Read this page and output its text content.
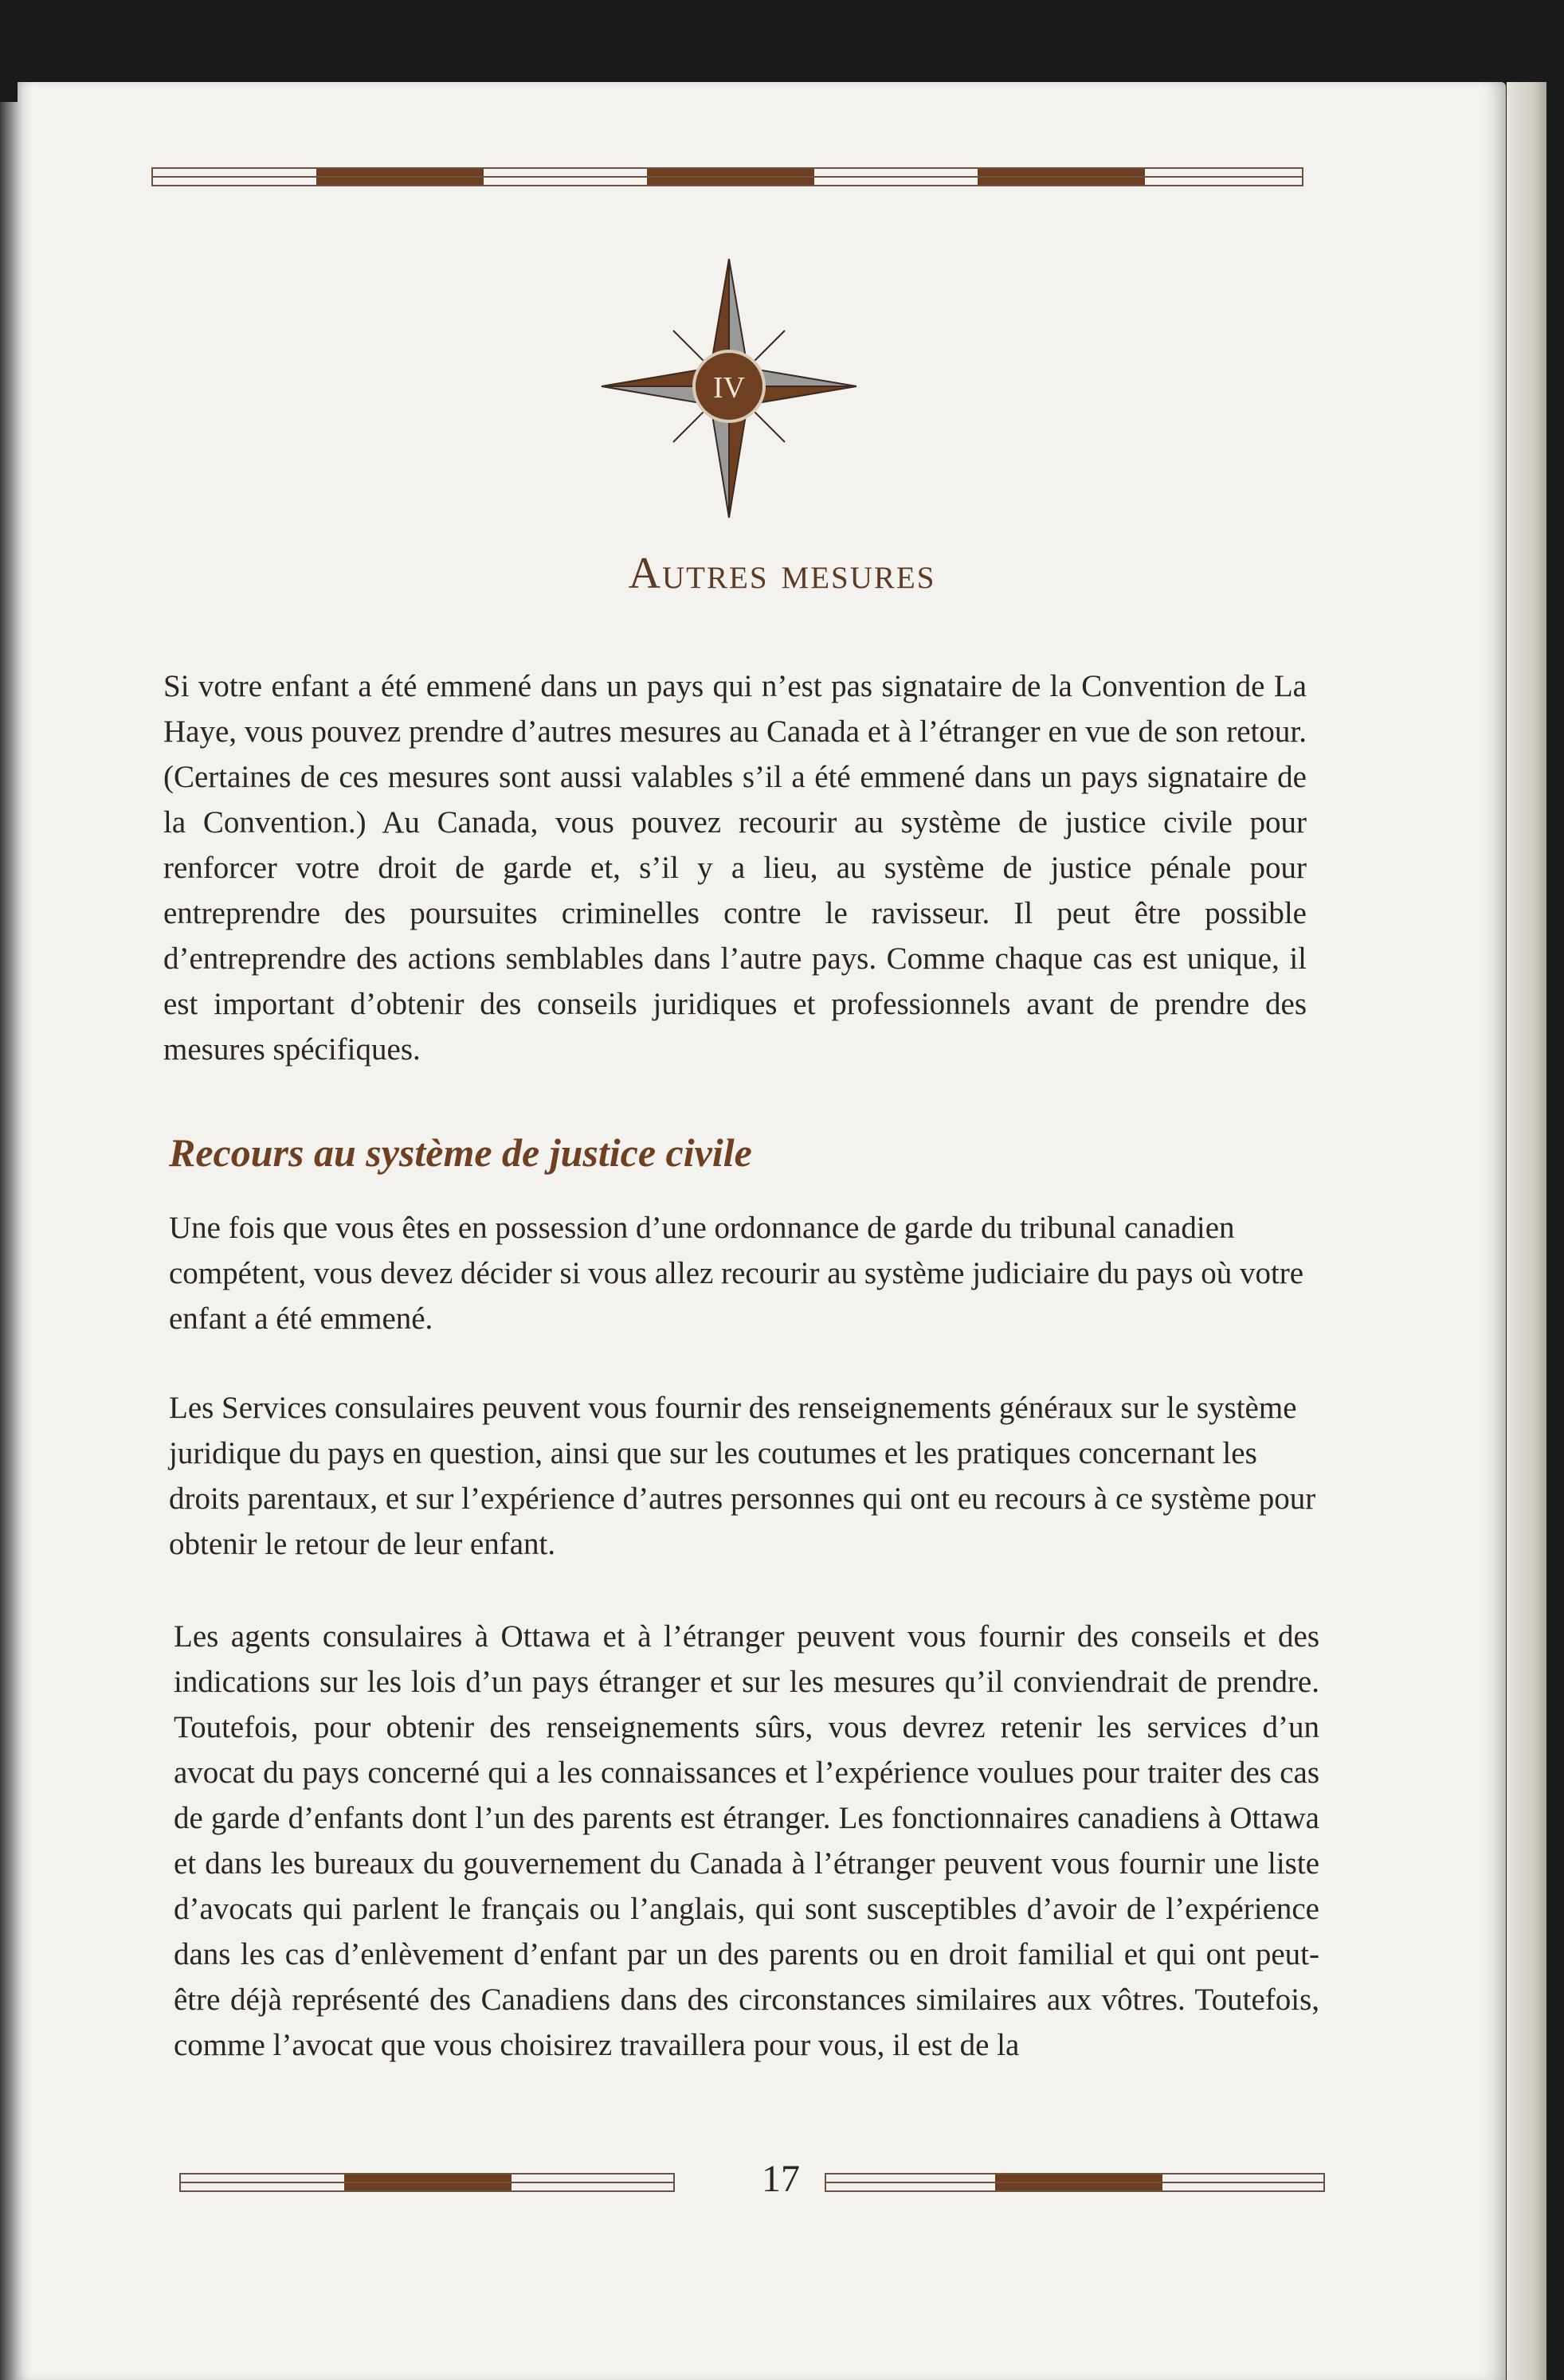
IV
Autres mesures

Si votre enfant a été emmené dans un pays qui n’est pas signataire de la Convention de La Haye, vous pouvez prendre d’autres mesures au Canada et à l’étranger en vue de son retour. (Certaines de ces mesures sont aussi valables s’il a été emmené dans un pays signataire de la Convention.) Au Canada, vous pouvez recourir au système de justice civile pour renforcer votre droit de garde et, s’il y a lieu, au système de justice pénale pour entreprendre des poursuites criminelles contre le ravisseur. Il peut être possible d’entreprendre des actions semblables dans l’autre pays. Comme chaque cas est unique, il est important d’obtenir des conseils juridiques et professionnels avant de prendre des mesures spécifiques.

Recours au système de justice civile

Une fois que vous êtes en possession d’une ordonnance de garde du tribunal canadien compétent, vous devez décider si vous allez recourir au système judiciaire du pays où votre enfant a été emmené.

Les Services consulaires peuvent vous fournir des renseignements généraux sur le système juridique du pays en question, ainsi que sur les coutumes et les pratiques concernant les droits parentaux, et sur l’expérience d’autres personnes qui ont eu recours à ce système pour obtenir le retour de leur enfant.

Les agents consulaires à Ottawa et à l’étranger peuvent vous fournir des conseils et des indications sur les lois d’un pays étranger et sur les mesures qu’il conviendrait de prendre. Toutefois, pour obtenir des renseignements sûrs, vous devrez retenir les services d’un avocat du pays concerné qui a les connaissances et l’expérience voulues pour traiter des cas de garde d’enfants dont l’un des parents est étranger. Les fonctionnaires canadiens à Ottawa et dans les bureaux du gouvernement du Canada à l’étranger peuvent vous fournir une liste d’avocats qui parlent le français ou l’anglais, qui sont susceptibles d’avoir de l’expérience dans les cas d’enlèvement d’enfant par un des parents ou en droit familial et qui ont peut-être déjà représenté des Canadiens dans des circonstances similaires aux vôtres. Toutefois, comme l’avocat que vous choisirez travaillera pour vous, il est de la

17
